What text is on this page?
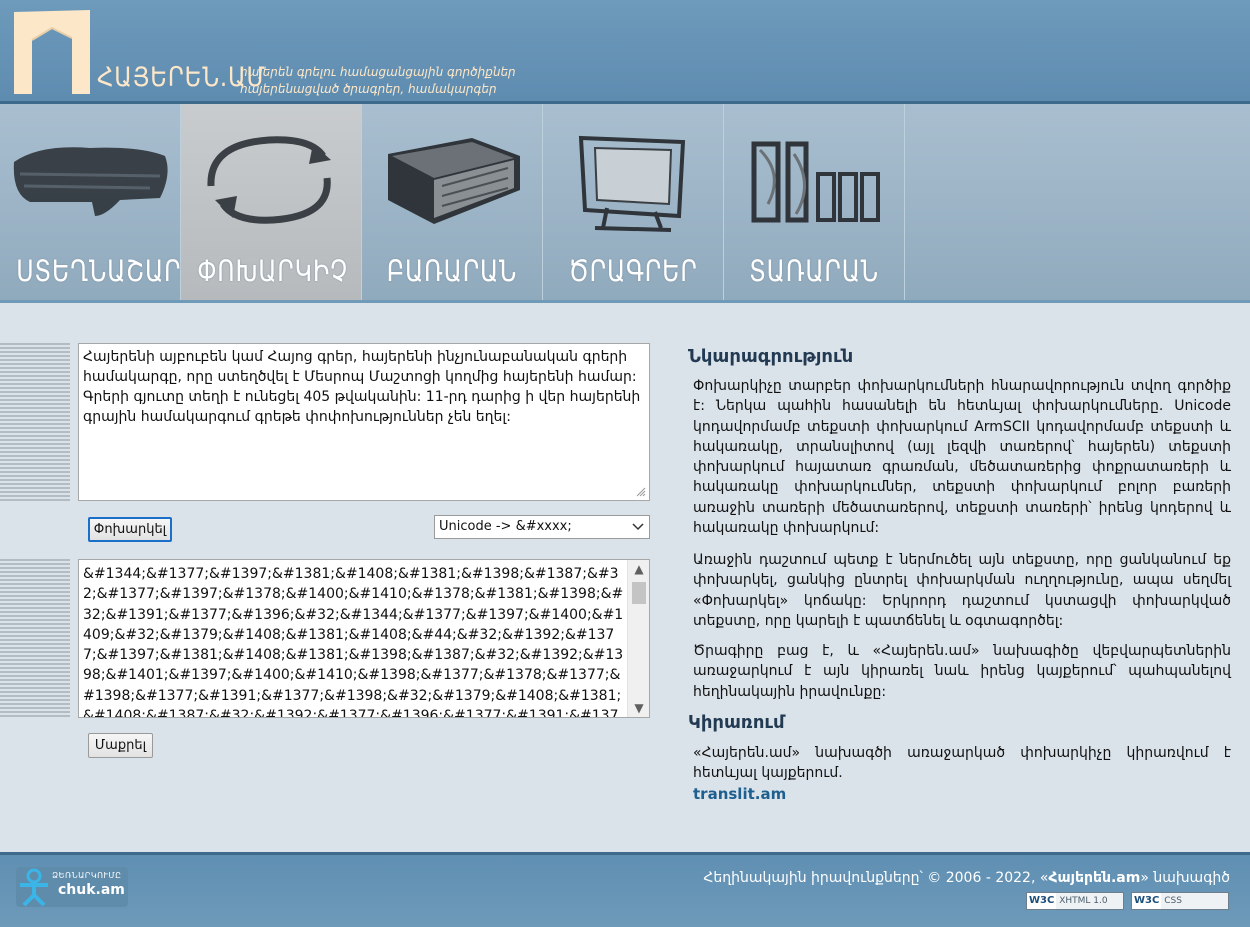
ՀԱՅԵՐԵՆ.ԱՄ
հայերեն գրելու համացանցային գործիքներ
հայերենացված ծրագրեր, համակարգեր
ՍՏԵՂՆԱՇԱՐ ՓՈԽԱՐԿԻՉ ԲԱՌԱՐԱՆ	ԾՐԱԳՐԵՐ	ՏԱՌԱՐԱՆ
Հայերենի այբուբեն կամ Հայոց գրեր, հայերենի ինչյունաբանական գրերի համակարգը, որը ստեղծվել է Մեսրոպ Մաշտոցի կողմից հայերենի համար: Գրերի գյուտը տեղի է ունեցել 405 թվականին: 11-րդ դարից ի վեր հայերենի գրային համակարգում գրեթե փոփոխություններ չեն եղել:
Փոխարկել	Unicode -> &#xxxx;
&#1344;&#1377;&#1397;&#1381;&#1408;&#1381;&#1398;&#1387;&#32;&#1377;&#1397;&#1378;&#1400;&#1410;&#1378;&#1381;&#1398;&#32;&#1391;&#1377;&#1396;&#32;&#1344;&#1377;&#1397;&#1400;&#1409;&#32;&#1379;&#1408;&#1381;&#1408;&#44;&#32;&#1392;&#1377;&#1397;&#1381;&#1408;&#1381;&#1398;&#1387;&#32;&#1392;&#1398;&#1401;&#1397;&#1400;&#1410;&#1398;&#1377;&#1378;&#1377;&#1398;&#1377;&#1391;&#1377;&#1398;&#32;&#1379;&#1408;&#1381;&#1408;&#1387;&#32;&#1392;&#1377;&#1396;&#1377;&#1391;&#1377;&#1408;&#1379;&#1384;&#44;&#32;&#1400;&#1408;&#1384;&#32;&#1405;&#1407;&#1381;&#1394;&#1390;&#1406;&#1381;&#1388;&#32;&#1383;
▲
▼
Մաքրել
Նկարագրություն
Փոխարկիչը տարբեր փոխարկումների հնարավորություն տվող գործիք է: Ներկա պահին հասանելի են հետևյալ փոխարկումները. Unicode կոդավորմամբ տեքստի փոխարկում ArmSCII կոդավորմամբ տեքստի և հակառակը, տրանսլիտով (այլ լեզվի տառերով՝ հայերեն) տեքստի փոխարկում հայատառ գրառման, մեծատառերից փոքրատառերի և հակառակը փոխարկումներ, տեքստի փոխարկում բոլոր բառերի առաջին տառերի մեծատառերով, տեքստի տառերի՝ իրենց կոդերով և հակառակը փոխարկում:
Առաջին դաշտում պետք է ներմուծել այն տեքստը, որը ցանկանում եք փոխարկել, ցանկից ընտրել փոխարկման ուղղությունը, ապա սեղմել «Փոխարկել» կոճակը: Երկրորդ դաշտում կստացվի փոխարկված տեքստը, որը կարելի է պատճենել և օգտագործել:
Ծրագիրը բաց է, և «Հայերեն.ամ» նախագիծը վեբվարպետներին առաջարկում է այն կիրառել նաև իրենց կայքերում՝ պահպանելով հեղինակային իրավունքը:
Կիրառում
«Հայերեն.ամ» նախագծի առաջարկած փոխարկիչը կիրառվում է հետևյալ կայքերում.
translit.am
ՁԵՌՆԱՐԿՈՒՄԸ
chuk.am
Հեղինակային իրավունքները՝ © 2006 - 2022, «Հայերեն.am» նախագիծ
W3C XHTML 1.0	W3C CSS
